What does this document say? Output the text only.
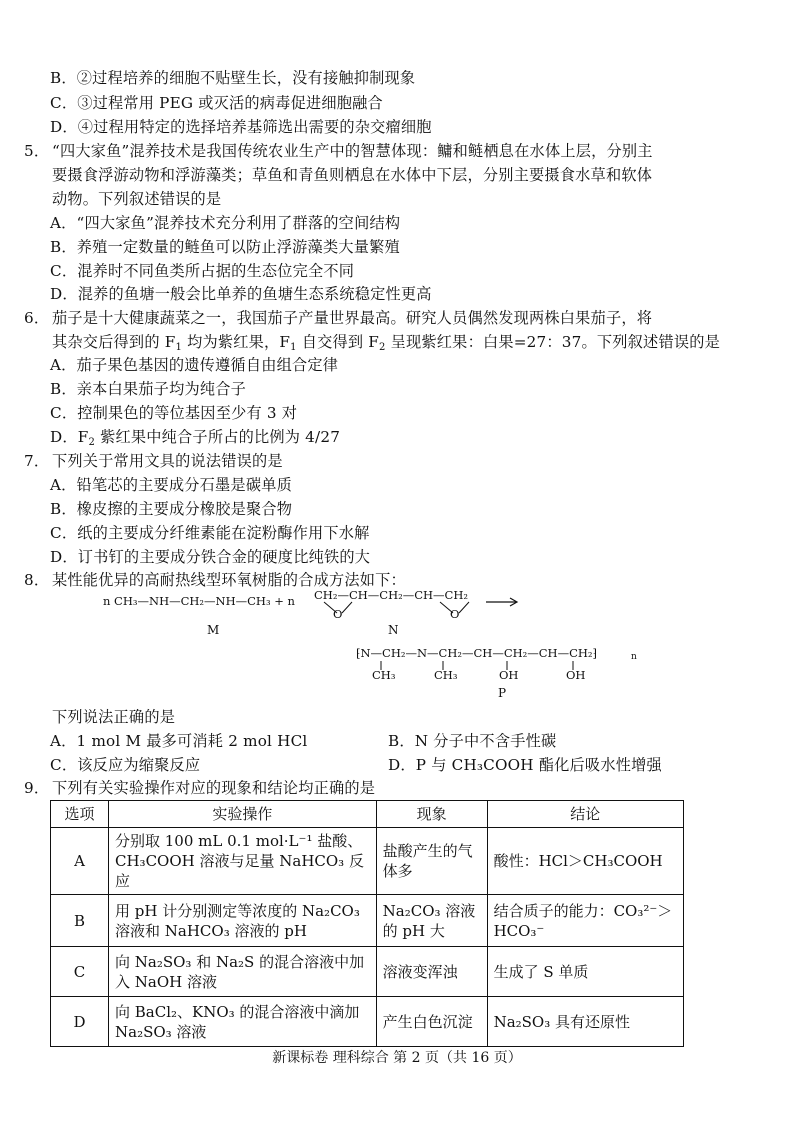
B．②过程培养的细胞不贴壁生长，没有接触抑制现象
C．③过程常用 PEG 或灭活的病毒促进细胞融合
D．④过程用特定的选择培养基筛选出需要的杂交瘤细胞
5． “四大家鱼”混养技术是我国传统农业生产中的智慧体现：鳙和鲢栖息在水体上层，分别主
要摄食浮游动物和浮游藻类；草鱼和青鱼则栖息在水体中下层，分别主要摄食水草和软体
动物。下列叙述错误的是
A．“四大家鱼”混养技术充分利用了群落的空间结构
B．养殖一定数量的鲢鱼可以防止浮游藻类大量繁殖
C．混养时不同鱼类所占据的生态位完全不同
D．混养的鱼塘一般会比单养的鱼塘生态系统稳定性更高
6． 茄子是十大健康蔬菜之一，我国茄子产量世界最高。研究人员偶然发现两株白果茄子，将
其杂交后得到的 $F_1$ 均为紫红果，$F_1$ 自交得到 $F_2$ 呈现紫红果：白果=27：37。下列叙述错误的是
A．茄子果色基因的遗传遵循自由组合定律
B．亲本白果茄子均为纯合子
C．控制果色的等位基因至少有 3 对
D．$F_2$ 紫红果中纯合子所占的比例为 4/27
7． 下列关于常用文具的说法错误的是
A．铅笔芯的主要成分石墨是碳单质
B．橡皮擦的主要成分橡胶是聚合物
C．纸的主要成分纤维素能在淀粉酶作用下水解
D．订书钉的主要成分铁合金的硬度比纯铁的大
8． 某性能优异的高耐热线型环氧树脂的合成方法如下：
n CH₃—NH—CH₂—NH—CH₃ + n CH₂—CH—CH₂—CH—CH₂
O	O
M	N
⁅N—CH₂—N—CH₂—CH—CH₂—CH—CH₂⁆	n
CH₃	CH₃	OH	OH
P
下列说法正确的是
A．1 mol M 最多可消耗 2 mol HCl	B．N 分子中不含手性碳
C．该反应为缩聚反应	D．P 与 CH₃COOH 酯化后吸水性增强
9． 下列有关实验操作对应的现象和结论均正确的是
选项	实验操作	现象	结论
A	分别取 100 mL 0.1 mol·L⁻¹ 盐酸、CH₃COOH 溶液与足量 NaHCO₃ 反应	盐酸产生的气体多	酸性：HCl＞CH₃COOH
B	用 pH 计分别测定等浓度的 Na₂CO₃ 溶液和 NaHCO₃ 溶液的 pH	Na₂CO₃ 溶液的 pH 大	结合质子的能力：CO₃²⁻＞HCO₃⁻
C	向 Na₂SO₃ 和 Na₂S 的混合溶液中加入 NaOH 溶液	溶液变浑浊	生成了 S 单质
D	向 BaCl₂、KNO₃ 的混合溶液中滴加 Na₂SO₃ 溶液	产生白色沉淀	Na₂SO₃ 具有还原性
新课标卷 理科综合 第 2 页（共 16 页）
